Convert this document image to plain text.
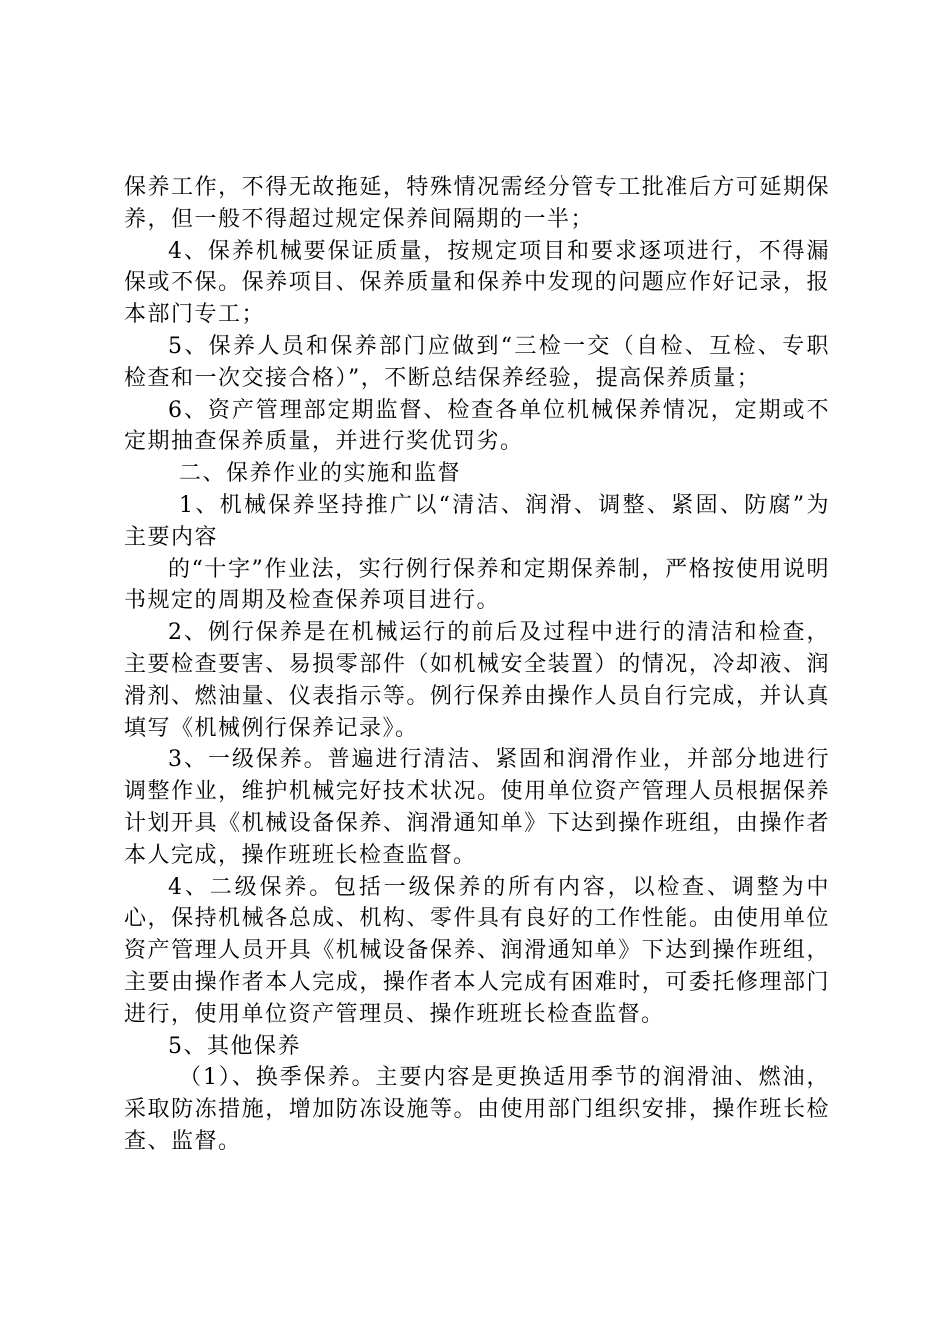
保养工作，不得无故拖延，特殊情况需经分管专工批准后方可延期保养，但一般不得超过规定保养间隔期的一半；

4、保养机械要保证质量，按规定项目和要求逐项进行，不得漏保或不保。保养项目、保养质量和保养中发现的问题应作好记录，报本部门专工；

5、保养人员和保养部门应做到“三检一交（自检、互检、专职检查和一次交接合格）”，不断总结保养经验，提高保养质量；

6、资产管理部定期监督、检查各单位机械保养情况，定期或不定期抽查保养质量，并进行奖优罚劣。

二、保养作业的实施和监督

1、机械保养坚持推广以“清洁、润滑、调整、紧固、防腐”为主要内容

的“十字”作业法，实行例行保养和定期保养制，严格按使用说明书规定的周期及检查保养项目进行。

2、例行保养是在机械运行的前后及过程中进行的清洁和检查，主要检查要害、易损零部件（如机械安全装置）的情况，冷却液、润滑剂、燃油量、仪表指示等。例行保养由操作人员自行完成，并认真填写《机械例行保养记录》。

3、一级保养。普遍进行清洁、紧固和润滑作业，并部分地进行调整作业，维护机械完好技术状况。使用单位资产管理人员根据保养计划开具《机械设备保养、润滑通知单》下达到操作班组，由操作者本人完成，操作班班长检查监督。

4、二级保养。包括一级保养的所有内容，以检查、调整为中心，保持机械各总成、机构、零件具有良好的工作性能。由使用单位资产管理人员开具《机械设备保养、润滑通知单》下达到操作班组，主要由操作者本人完成，操作者本人完成有困难时，可委托修理部门进行，使用单位资产管理员、操作班班长检查监督。

5、其他保养

（1）、换季保养。主要内容是更换适用季节的润滑油、燃油，采取防冻措施，增加防冻设施等。由使用部门组织安排，操作班长检查、监督。
